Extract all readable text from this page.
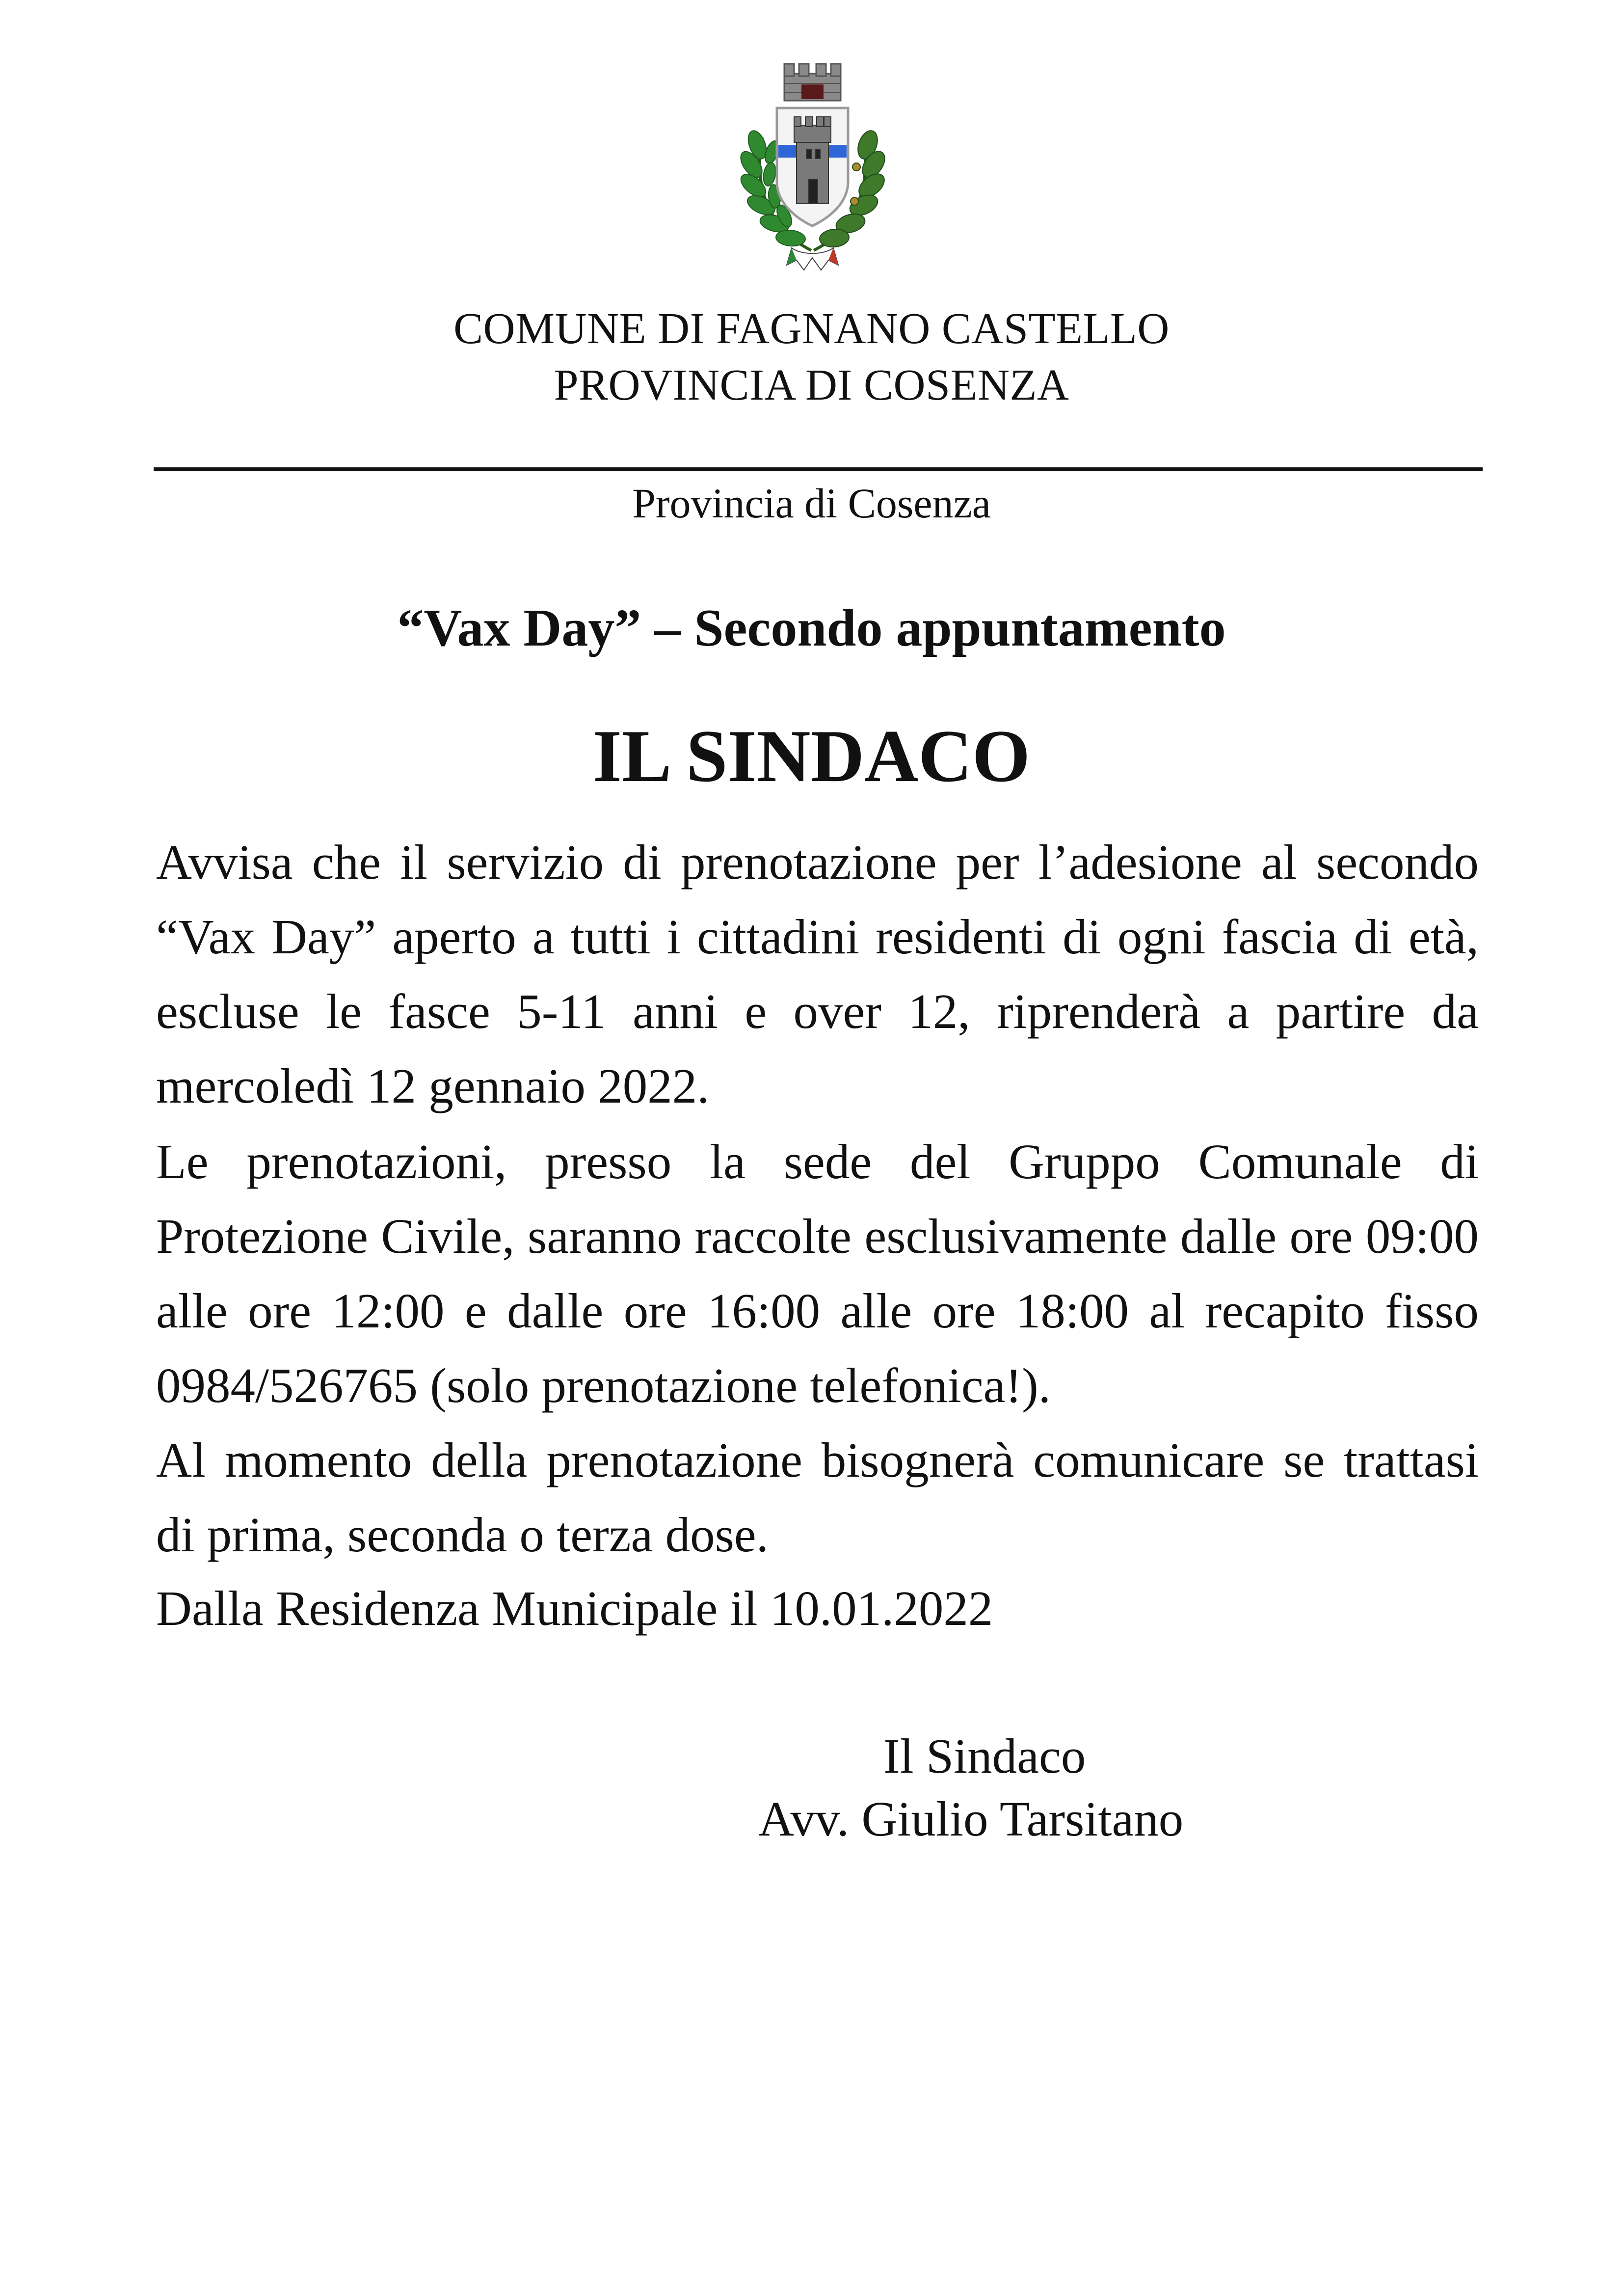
COMUNE DI FAGNANO CASTELLO
PROVINCIA DI COSENZA
Provincia di Cosenza
“Vax Day” – Secondo appuntamento
IL SINDACO
Avvisa che il servizio di prenotazione per l’adesione al secondo “Vax Day” aperto a tutti i cittadini residenti di ogni fascia di età, escluse le fasce 5-11 anni e over 12, riprenderà a partire da mercoledì 12 gennaio 2022.
Le prenotazioni, presso la sede del Gruppo Comunale di Protezione Civile, saranno raccolte esclusivamente dalle ore 09:00 alle ore 12:00 e dalle ore 16:00 alle ore 18:00 al recapito fisso 0984/526765 (solo prenotazione telefonica!).
Al momento della prenotazione bisognerà comunicare se trattasi di prima, seconda o terza dose.
Dalla Residenza Municipale il 10.01.2022
Il Sindaco
Avv. Giulio Tarsitano
